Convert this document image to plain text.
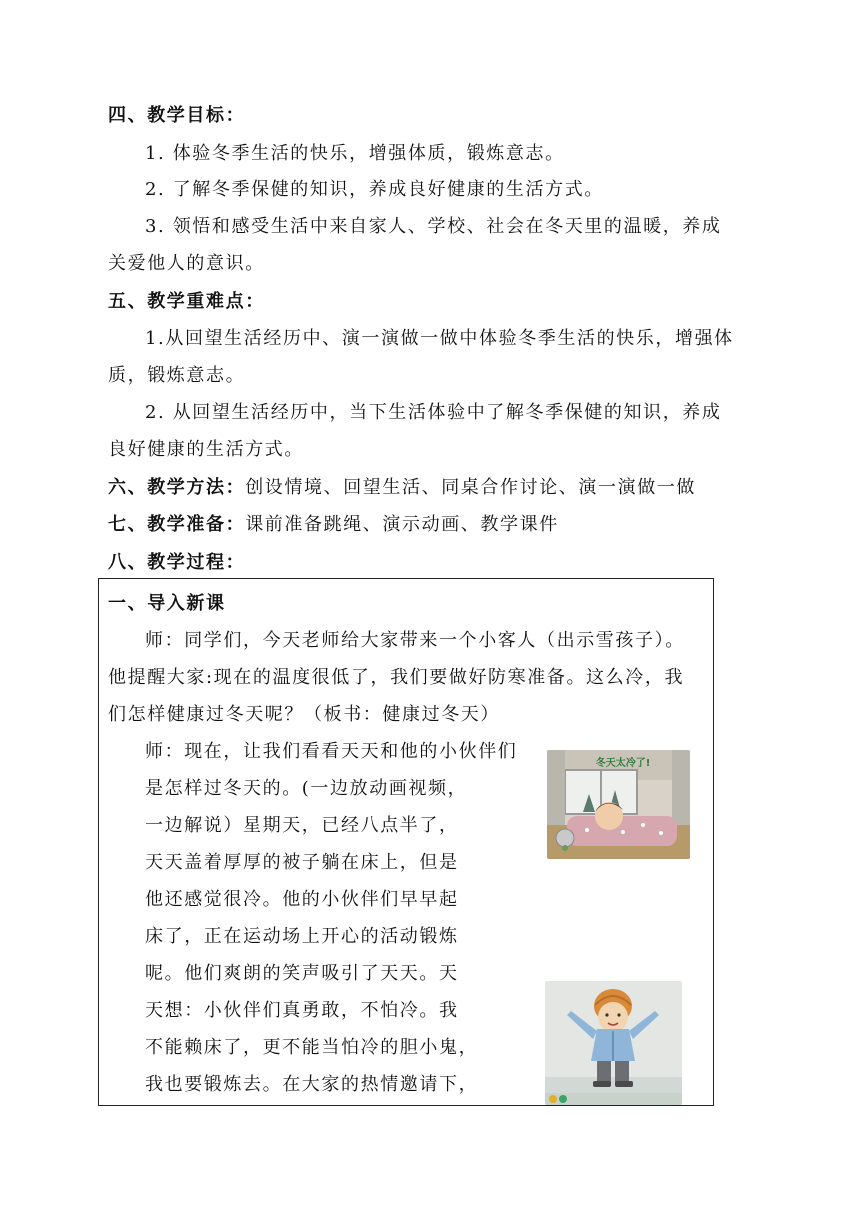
四、教学目标：
1. 体验冬季生活的快乐，增强体质，锻炼意志。
2. 了解冬季保健的知识，养成良好健康的生活方式。
3. 领悟和感受生活中来自家人、学校、社会在冬天里的温暖，养成
关爱他人的意识。
五、教学重难点：
1.从回望生活经历中、演一演做一做中体验冬季生活的快乐，增强体
质，锻炼意志。
2. 从回望生活经历中，当下生活体验中了解冬季保健的知识，养成
良好健康的生活方式。
六、教学方法：创设情境、回望生活、同桌合作讨论、演一演做一做
七、教学准备：课前准备跳绳、演示动画、教学课件
八、教学过程：
一、导入新课
师：同学们，今天老师给大家带来一个小客人（出示雪孩子）。
他提醒大家:现在的温度很低了，我们要做好防寒准备。这么冷，我
们怎样健康过冬天呢？（板书：健康过冬天）
师：现在，让我们看看天天和他的小伙伴们
是怎样过冬天的。(一边放动画视频，
一边解说）星期天，已经八点半了，
天天盖着厚厚的被子躺在床上，但是
他还感觉很冷。他的小伙伴们早早起
床了，正在运动场上开心的活动锻炼
呢。他们爽朗的笑声吸引了天天。天
天想：小伙伴们真勇敢，不怕冷。我
不能赖床了，更不能当怕冷的胆小鬼，
我也要锻炼去。在大家的热情邀请下，
冬天太冷了!
